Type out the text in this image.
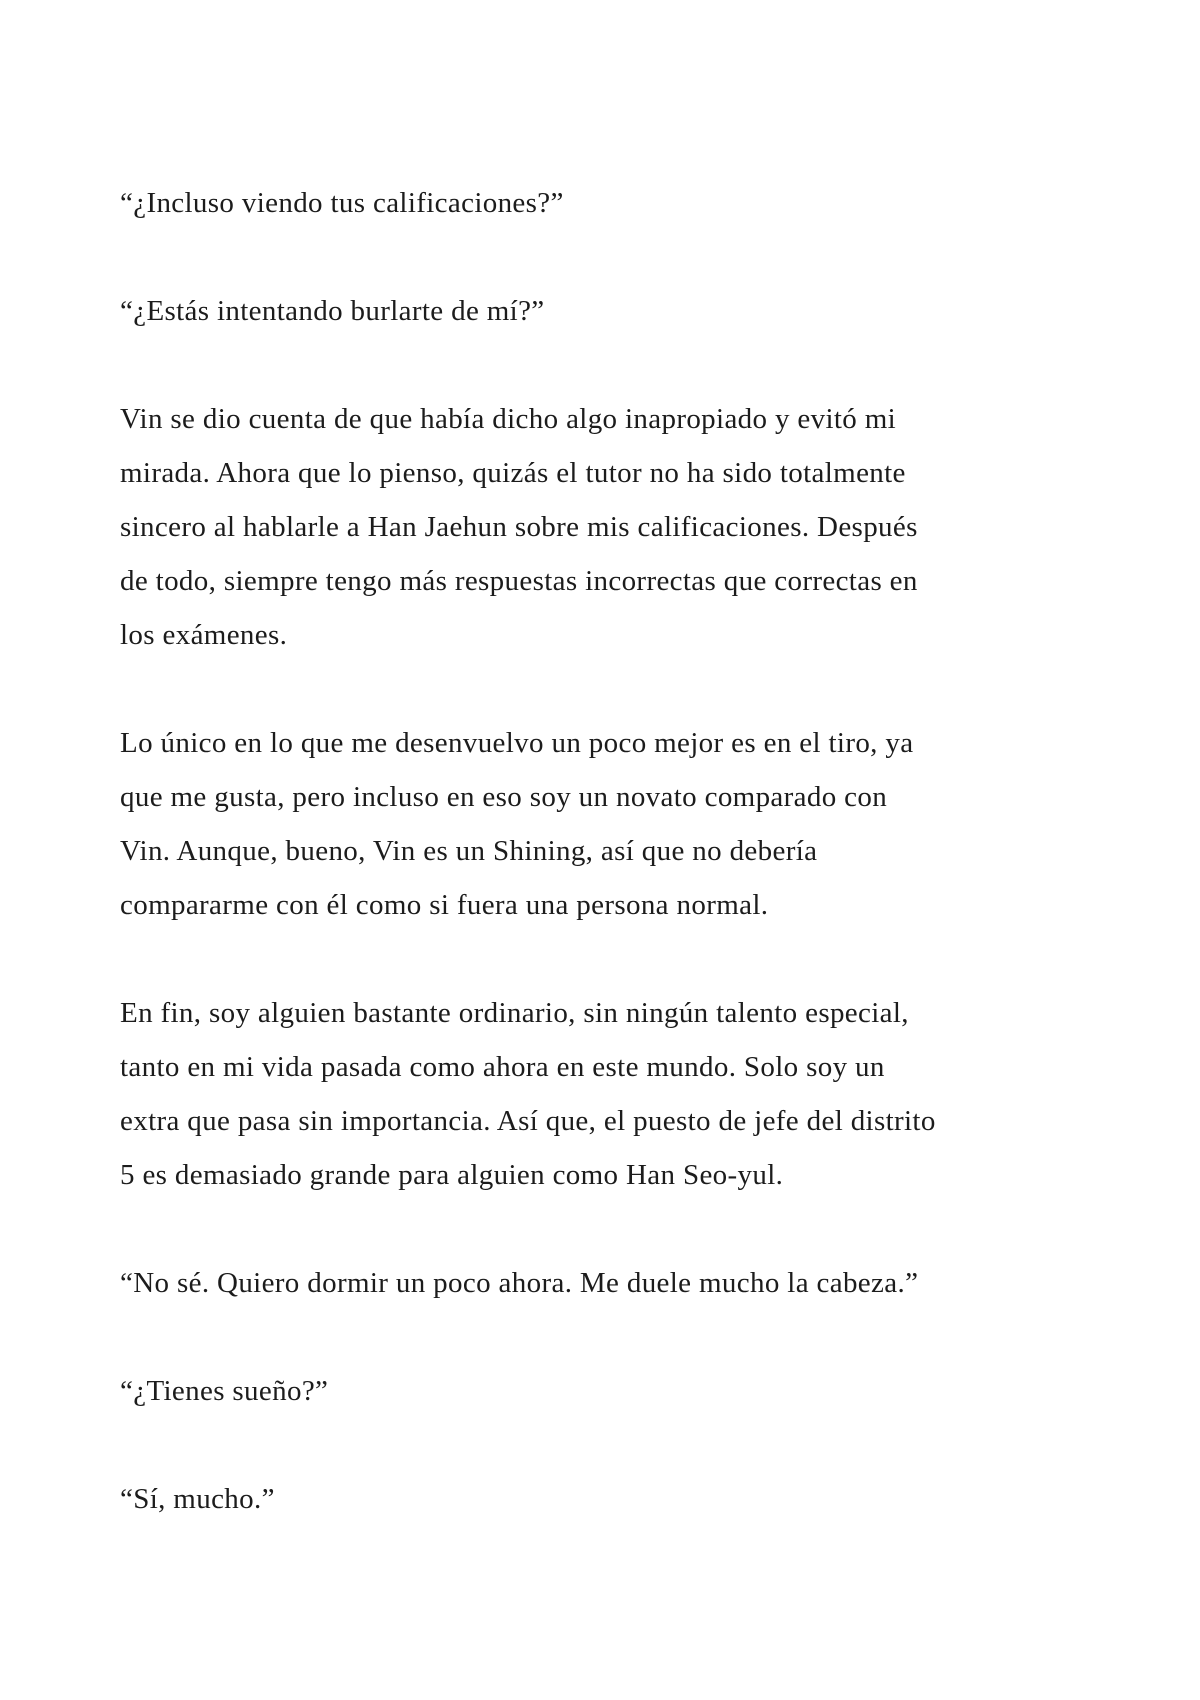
“¿Incluso viendo tus calificaciones?”

“¿Estás intentando burlarte de mí?”

Vin se dio cuenta de que había dicho algo inapropiado y evitó mi
mirada. Ahora que lo pienso, quizás el tutor no ha sido totalmente
sincero al hablarle a Han Jaehun sobre mis calificaciones. Después
de todo, siempre tengo más respuestas incorrectas que correctas en
los exámenes.

Lo único en lo que me desenvuelvo un poco mejor es en el tiro, ya
que me gusta, pero incluso en eso soy un novato comparado con
Vin. Aunque, bueno, Vin es un Shining, así que no debería
compararme con él como si fuera una persona normal.

En fin, soy alguien bastante ordinario, sin ningún talento especial,
tanto en mi vida pasada como ahora en este mundo. Solo soy un
extra que pasa sin importancia. Así que, el puesto de jefe del distrito
5 es demasiado grande para alguien como Han Seo-yul.

“No sé. Quiero dormir un poco ahora. Me duele mucho la cabeza.”

“¿Tienes sueño?”

“Sí, mucho.”
